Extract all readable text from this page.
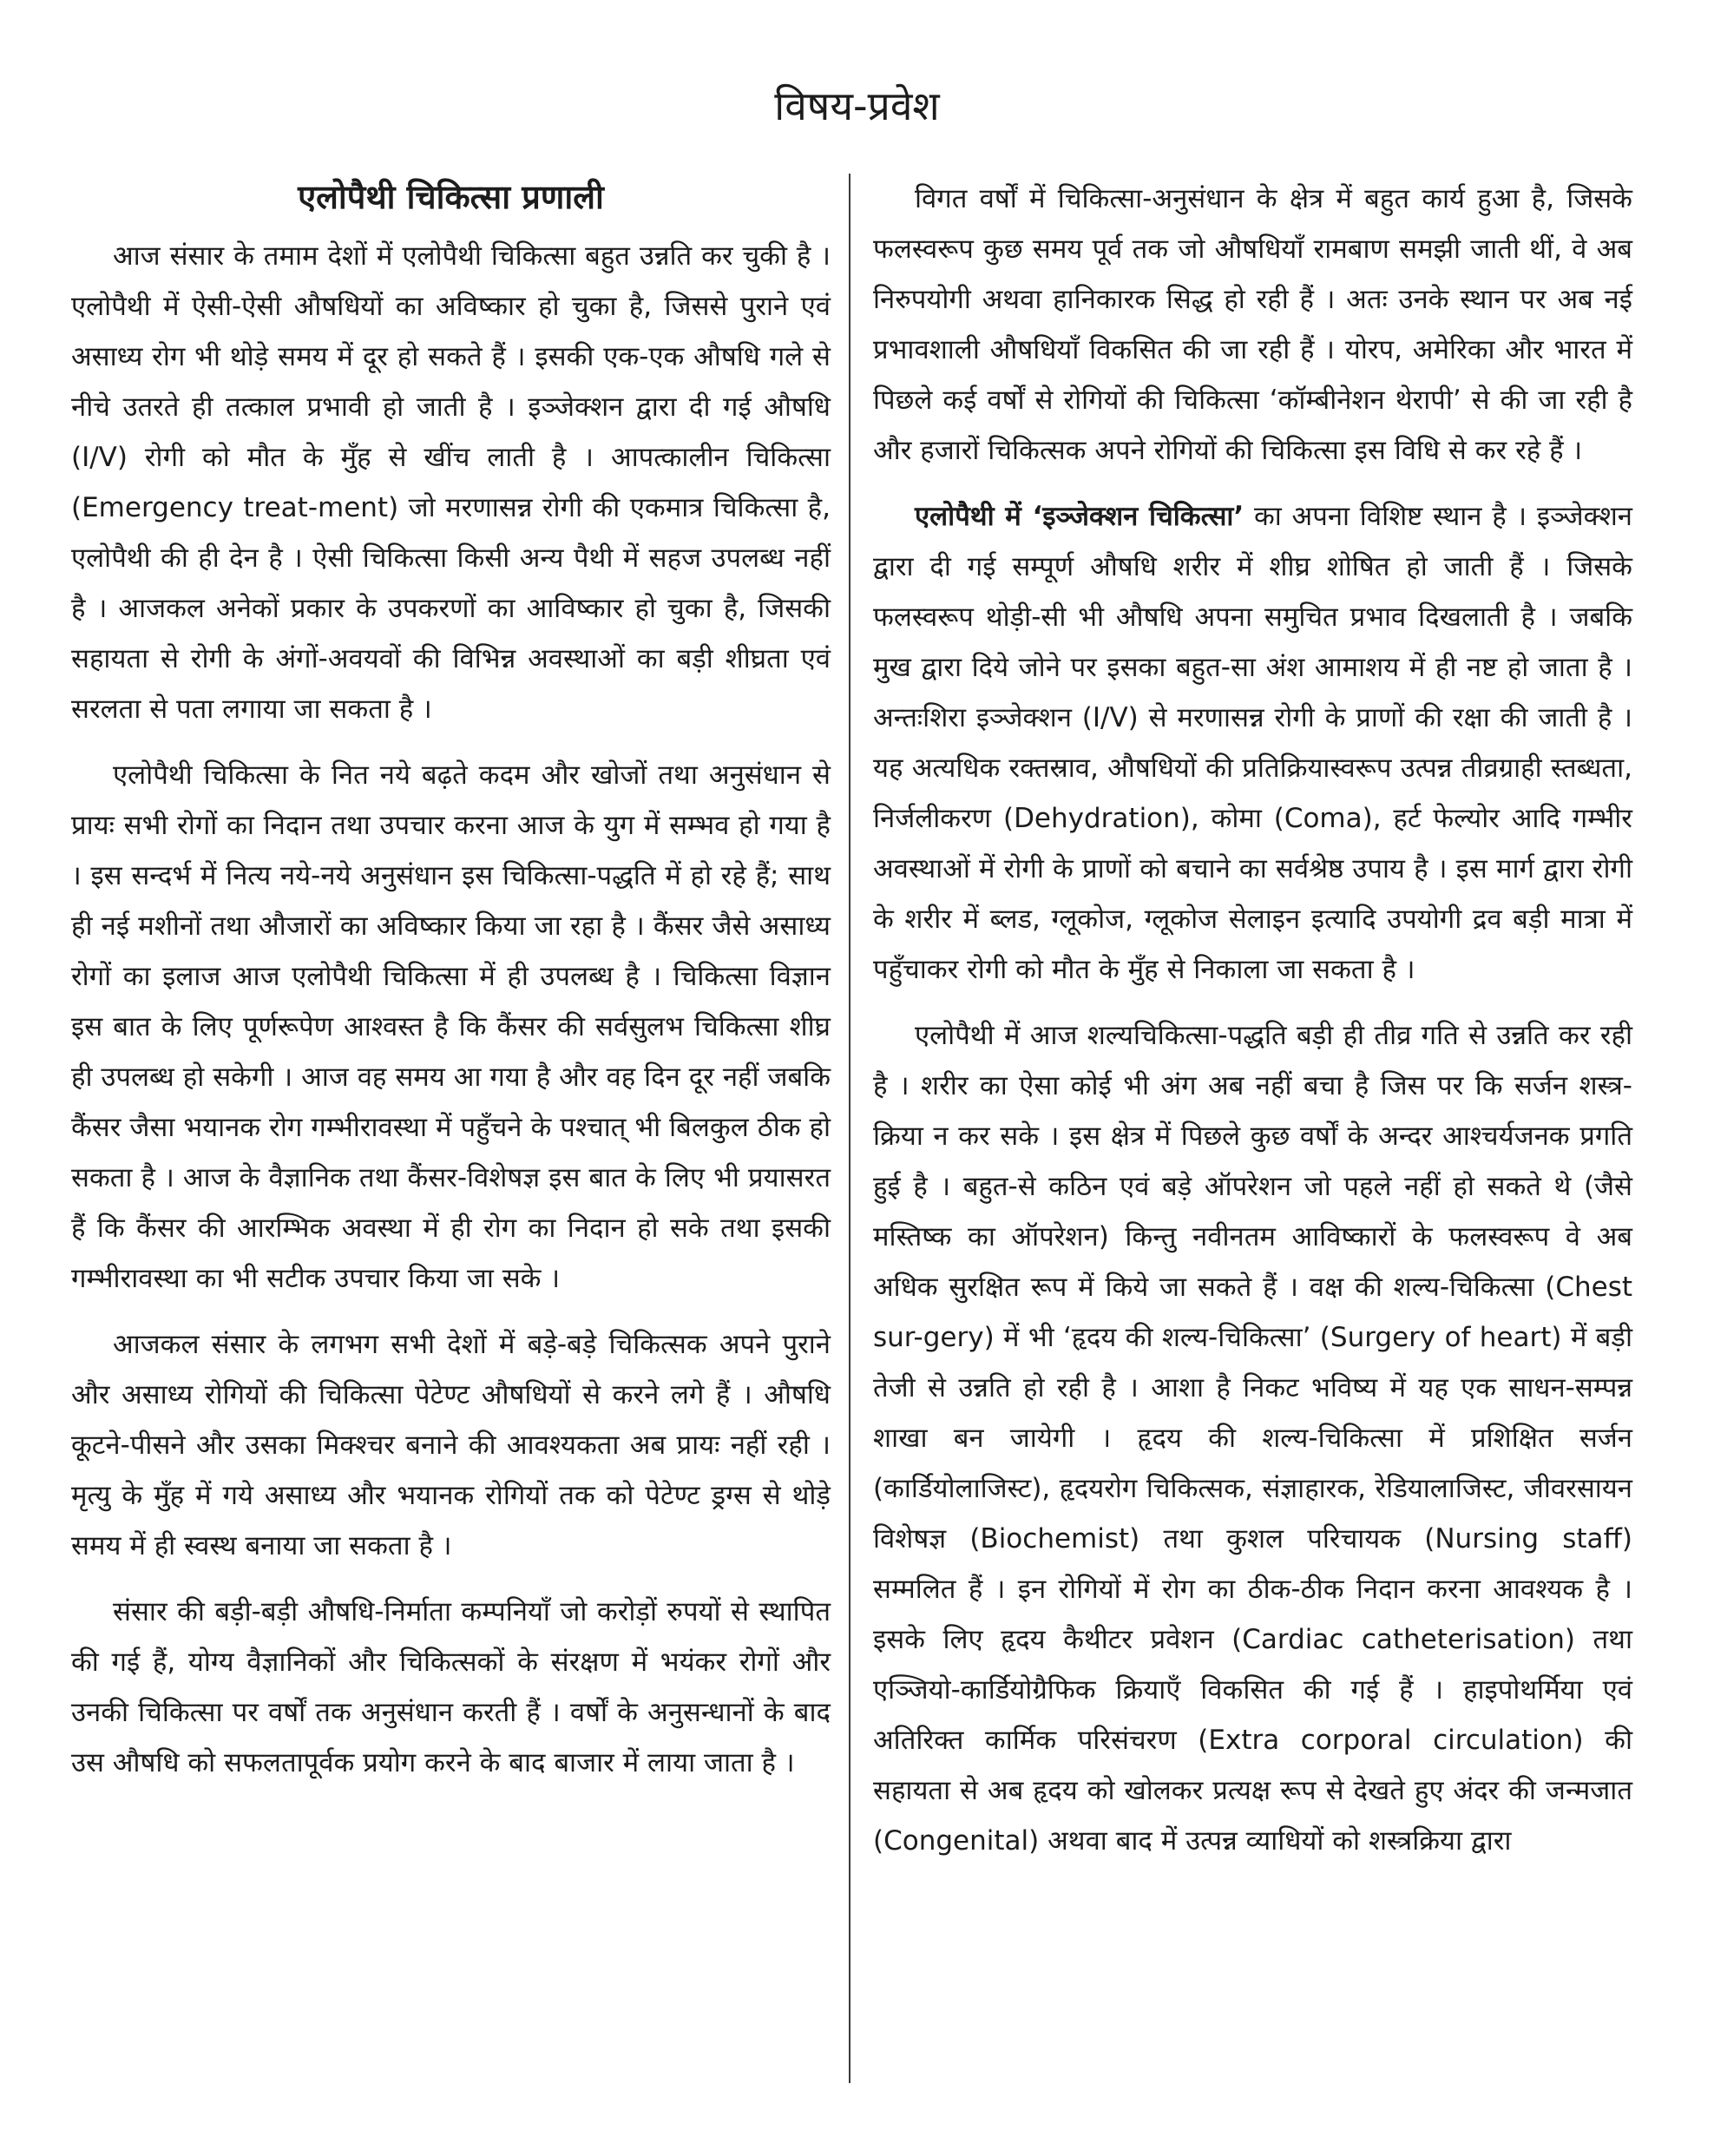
विषय-प्रवेश
एलोपैथी चिकित्सा प्रणाली

आज संसार के तमाम देशों में एलोपैथी चिकित्सा बहुत उन्नति कर चुकी है । एलोपैथी में ऐसी-ऐसी औषधियों का अविष्कार हो चुका है, जिससे पुराने एवं असाध्य रोग भी थोड़े समय में दूर हो सकते हैं । इसकी एक-एक औषधि गले से नीचे उतरते ही तत्काल प्रभावी हो जाती है । इञ्जेक्शन द्वारा दी गई औषधि (I/V) रोगी को मौत के मुँह से खींच लाती है । आपत्कालीन चिकित्सा (Emergency treat-ment) जो मरणासन्न रोगी की एकमात्र चिकित्सा है, एलोपैथी की ही देन है । ऐसी चिकित्सा किसी अन्य पैथी में सहज उपलब्ध नहीं है । आजकल अनेकों प्रकार के उपकरणों का आविष्कार हो चुका है, जिसकी सहायता से रोगी के अंगों-अवयवों की विभिन्न अवस्थाओं का बड़ी शीघ्रता एवं सरलता से पता लगाया जा सकता है ।

एलोपैथी चिकित्सा के नित नये बढ़ते कदम और खोजों तथा अनुसंधान से प्रायः सभी रोगों का निदान तथा उपचार करना आज के युग में सम्भव हो गया है । इस सन्दर्भ में नित्य नये-नये अनुसंधान इस चिकित्सा-पद्धति में हो रहे हैं; साथ ही नई मशीनों तथा औजारों का अविष्कार किया जा रहा है । कैंसर जैसे असाध्य रोगों का इलाज आज एलोपैथी चिकित्सा में ही उपलब्ध है । चिकित्सा विज्ञान इस बात के लिए पूर्णरूपेण आश्वस्त है कि कैंसर की सर्वसुलभ चिकित्सा शीघ्र ही उपलब्ध हो सकेगी । आज वह समय आ गया है और वह दिन दूर नहीं जबकि कैंसर जैसा भयानक रोग गम्भीरावस्था में पहुँचने के पश्चात् भी बिलकुल ठीक हो सकता है । आज के वैज्ञानिक तथा कैंसर-विशेषज्ञ इस बात के लिए भी प्रयासरत हैं कि कैंसर की आरम्भिक अवस्था में ही रोग का निदान हो सके तथा इसकी गम्भीरावस्था का भी सटीक उपचार किया जा सके ।

आजकल संसार के लगभग सभी देशों में बड़े-बड़े चिकित्सक अपने पुराने और असाध्य रोगियों की चिकित्सा पेटेण्ट औषधियों से करने लगे हैं । औषधि कूटने-पीसने और उसका मिक्श्चर बनाने की आवश्यकता अब प्रायः नहीं रही । मृत्यु के मुँह में गये असाध्य और भयानक रोगियों तक को पेटेण्ट ड्रग्स से थोड़े समय में ही स्वस्थ बनाया जा सकता है ।

संसार की बड़ी-बड़ी औषधि-निर्माता कम्पनियाँ जो करोड़ों रुपयों से स्थापित की गई हैं, योग्य वैज्ञानिकों और चिकित्सकों के संरक्षण में भयंकर रोगों और उनकी चिकित्सा पर वर्षों तक अनुसंधान करती हैं । वर्षों के अनुसन्धानों के बाद उस औषधि को सफलतापूर्वक प्रयोग करने के बाद बाजार में लाया जाता है ।

विगत वर्षों में चिकित्सा-अनुसंधान के क्षेत्र में बहुत कार्य हुआ है, जिसके फलस्वरूप कुछ समय पूर्व तक जो औषधियाँ रामबाण समझी जाती थीं, वे अब निरुपयोगी अथवा हानिकारक सिद्ध हो रही हैं । अतः उनके स्थान पर अब नई प्रभावशाली औषधियाँ विकसित की जा रही हैं । योरप, अमेरिका और भारत में पिछले कई वर्षों से रोगियों की चिकित्सा ‘कॉम्बीनेशन थेरापी’ से की जा रही है और हजारों चिकित्सक अपने रोगियों की चिकित्सा इस विधि से कर रहे हैं ।

एलोपैथी में ‘इञ्जेक्शन चिकित्सा’ का अपना विशिष्ट स्थान है । इञ्जेक्शन द्वारा दी गई सम्पूर्ण औषधि शरीर में शीघ्र शोषित हो जाती हैं । जिसके फलस्वरूप थोड़ी-सी भी औषधि अपना समुचित प्रभाव दिखलाती है । जबकि मुख द्वारा दिये जोने पर इसका बहुत-सा अंश आमाशय में ही नष्ट हो जाता है । अन्तःशिरा इञ्जेक्शन (I/V) से मरणासन्न रोगी के प्राणों की रक्षा की जाती है । यह अत्यधिक रक्तस्राव, औषधियों की प्रतिक्रियास्वरूप उत्पन्न तीव्रग्राही स्तब्धता, निर्जलीकरण (Dehydration), कोमा (Coma), हर्ट फेल्योर आदि गम्भीर अवस्थाओं में रोगी के प्राणों को बचाने का सर्वश्रेष्ठ उपाय है । इस मार्ग द्वारा रोगी के शरीर में ब्लड, ग्लूकोज, ग्लूकोज सेलाइन इत्यादि उपयोगी द्रव बड़ी मात्रा में पहुँचाकर रोगी को मौत के मुँह से निकाला जा सकता है ।

एलोपैथी में आज शल्यचिकित्सा-पद्धति बड़ी ही तीव्र गति से उन्नति कर रही है । शरीर का ऐसा कोई भी अंग अब नहीं बचा है जिस पर कि सर्जन शस्त्र-क्रिया न कर सके । इस क्षेत्र में पिछले कुछ वर्षों के अन्दर आश्चर्यजनक प्रगति हुई है । बहुत-से कठिन एवं बड़े ऑपरेशन जो पहले नहीं हो सकते थे (जैसे मस्तिष्क का ऑपरेशन) किन्तु नवीनतम आविष्कारों के फलस्वरूप वे अब अधिक सुरक्षित रूप में किये जा सकते हैं । वक्ष की शल्य-चिकित्सा (Chest sur-gery) में भी ‘हृदय की शल्य-चिकित्सा’ (Surgery of heart) में बड़ी तेजी से उन्नति हो रही है । आशा है निकट भविष्य में यह एक साधन-सम्पन्न शाखा बन जायेगी । हृदय की शल्य-चिकित्सा में प्रशिक्षित सर्जन (कार्डियोलाजिस्ट), हृदयरोग चिकित्सक, संज्ञाहारक, रेडियालाजिस्ट, जीवरसायन विशेषज्ञ (Biochemist) तथा कुशल परिचायक (Nursing staff) सम्मलित हैं । इन रोगियों में रोग का ठीक-ठीक निदान करना आवश्यक है । इसके लिए हृदय कैथीटर प्रवेशन (Cardiac catheterisation) तथा एञ्जियो-कार्डियोग्रैफिक क्रियाएँ विकसित की गई हैं । हाइपोथर्मिया एवं अतिरिक्त कार्मिक परिसंचरण (Extra corporal circulation) की सहायता से अब हृदय को खोलकर प्रत्यक्ष रूप से देखते हुए अंदर की जन्मजात (Congenital) अथवा बाद में उत्पन्न व्याधियों को शस्त्रक्रिया द्वारा
